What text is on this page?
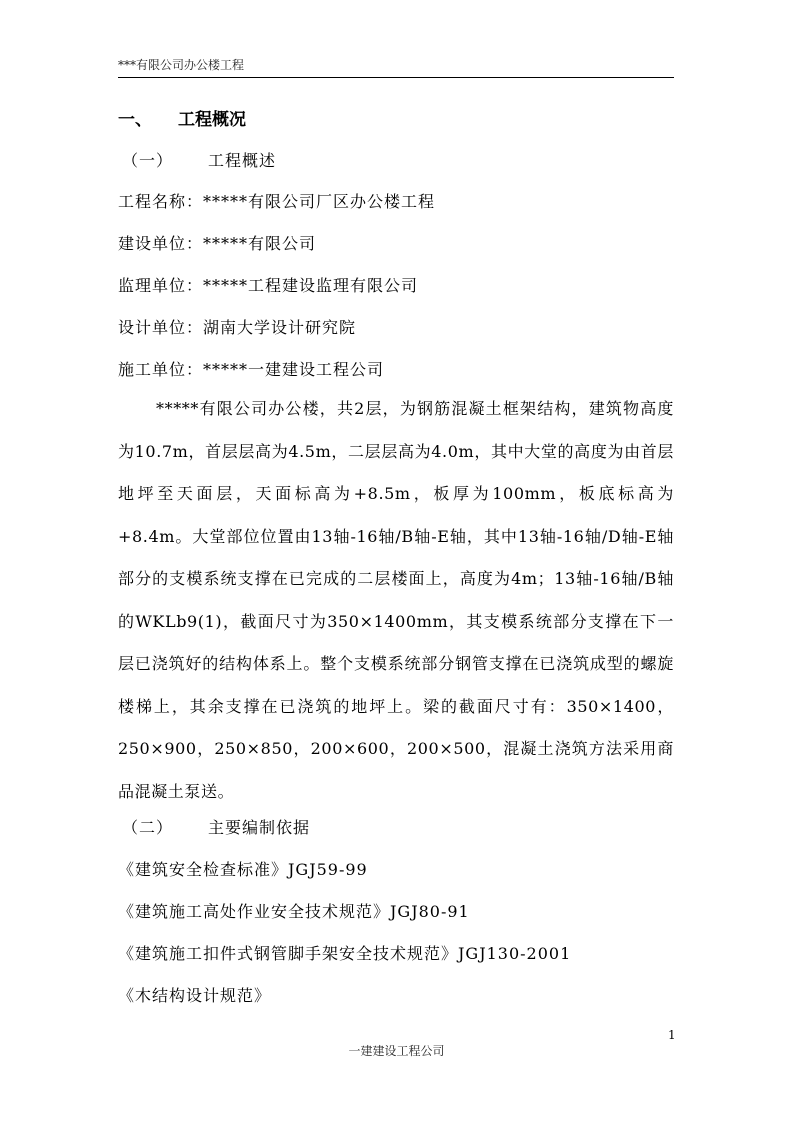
***有限公司办公楼工程
一、 工程概况
（一） 工程概述
工程名称：*****有限公司厂区办公楼工程
建设单位：*****有限公司
监理单位：*****工程建设监理有限公司
设计单位：湖南大学设计研究院
施工单位：*****一建建设工程公司
*****有限公司办公楼，共2层，为钢筋混凝土框架结构，建筑物高度为10.7m，首层层高为4.5m，二层层高为4.0m，其中大堂的高度为由首层地坪至天面层，天面标高为+8.5m，板厚为100mm，板底标高为+8.4m。大堂部位位置由13轴-16轴/B轴-E轴，其中13轴-16轴/D轴-E轴部分的支模系统支撑在已完成的二层楼面上，高度为4m；13轴-16轴/B轴的WKLb9(1)，截面尺寸为350×1400mm，其支模系统部分支撑在下一层已浇筑好的结构体系上。整个支模系统部分钢管支撑在已浇筑成型的螺旋楼梯上，其余支撑在已浇筑的地坪上。梁的截面尺寸有：350×1400，250×900，250×850，200×600，200×500，混凝土浇筑方法采用商品混凝土泵送。
（二） 主要编制依据
《建筑安全检查标准》JGJ59-99
《建筑施工高处作业安全技术规范》JGJ80-91
《建筑施工扣件式钢管脚手架安全技术规范》JGJ130-2001
《木结构设计规范》
1
一建建设工程公司
